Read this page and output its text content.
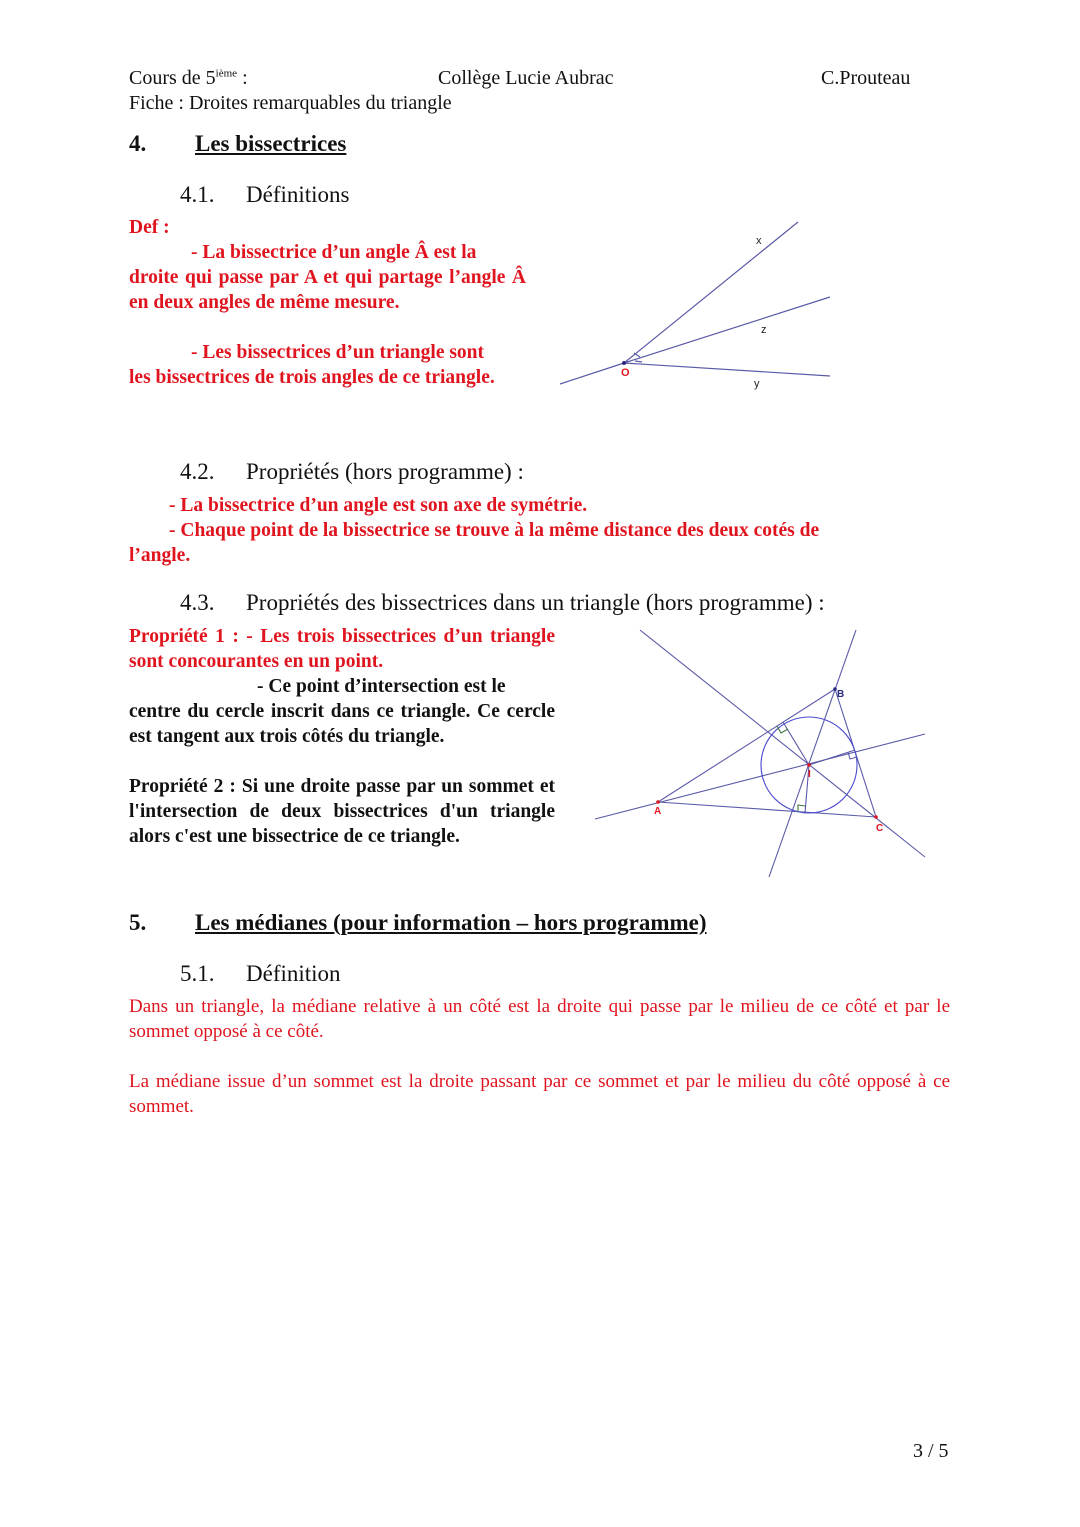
Cours de 5ième :	Collège Lucie Aubrac	C.Prouteau
Fiche : Droites remarquables du triangle
4. Les bissectrices
4.1. Définitions

Def :

- La bissectrice d’un angle Â est la

droite qui passe par A et qui partage l’angle Â en deux angles de même mesure.

- Les bissectrices d’un triangle sont

les bissectrices de trois angles de ce triangle.

x
z
y
O
4.2. Propriétés (hors programme) :

- La bissectrice d’un angle est son axe de symétrie.

- Chaque point de la bissectrice se trouve à la même distance des deux cotés de

l’angle.

4.3. Propriétés des bissectrices dans un triangle (hors programme) :

Propriété 1 : - Les trois bissectrices d’un triangle sont concourantes en un point.

- Ce point d’intersection est le

centre du cercle inscrit dans ce triangle. Ce cercle est tangent aux trois côtés du triangle.

Propriété 2 : Si une droite passe par un sommet et l'intersection de deux bissectrices d'un triangle alors c'est une bissectrice de ce triangle.

A
B
C
I
5. Les médianes (pour information – hors programme)
5.1. Définition

Dans un triangle, la médiane relative à un côté est la droite qui passe par le milieu de ce côté et par le sommet opposé à ce côté.

La médiane issue d’un sommet est la droite passant par ce sommet et par le milieu du côté opposé à ce sommet.

3 / 5
